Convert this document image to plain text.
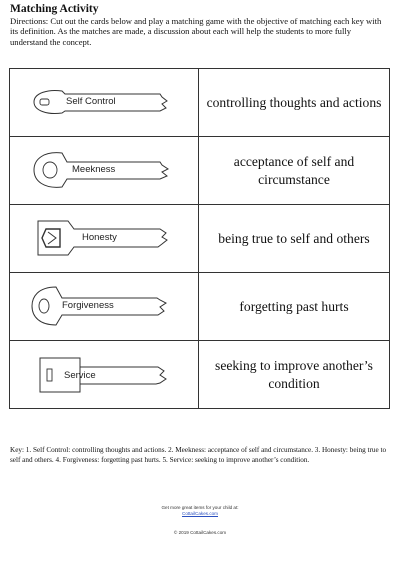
Matching Activity
Directions: Cut out the cards below and play a matching game with the objective of matching each key with its definition. As the matches are made, a discussion about each will help the students to more fully understand the concept.
Self Control	controlling thoughts and actions

Meekness	acceptance of self and circumstance

Honesty	being true to self and others

Forgiveness	forgetting past hurts

Service	seeking to improve another’s condition
Key: 1. Self Control: controlling thoughts and actions. 2. Meekness: acceptance of self and circumstance. 3. Honesty: being true to self and others. 4. Forgiveness: forgetting past hurts. 5. Service: seeking to improve another’s condition.
Get more great items for your child at:
CottailCakes.com
© 2019 CottailCakes.com
